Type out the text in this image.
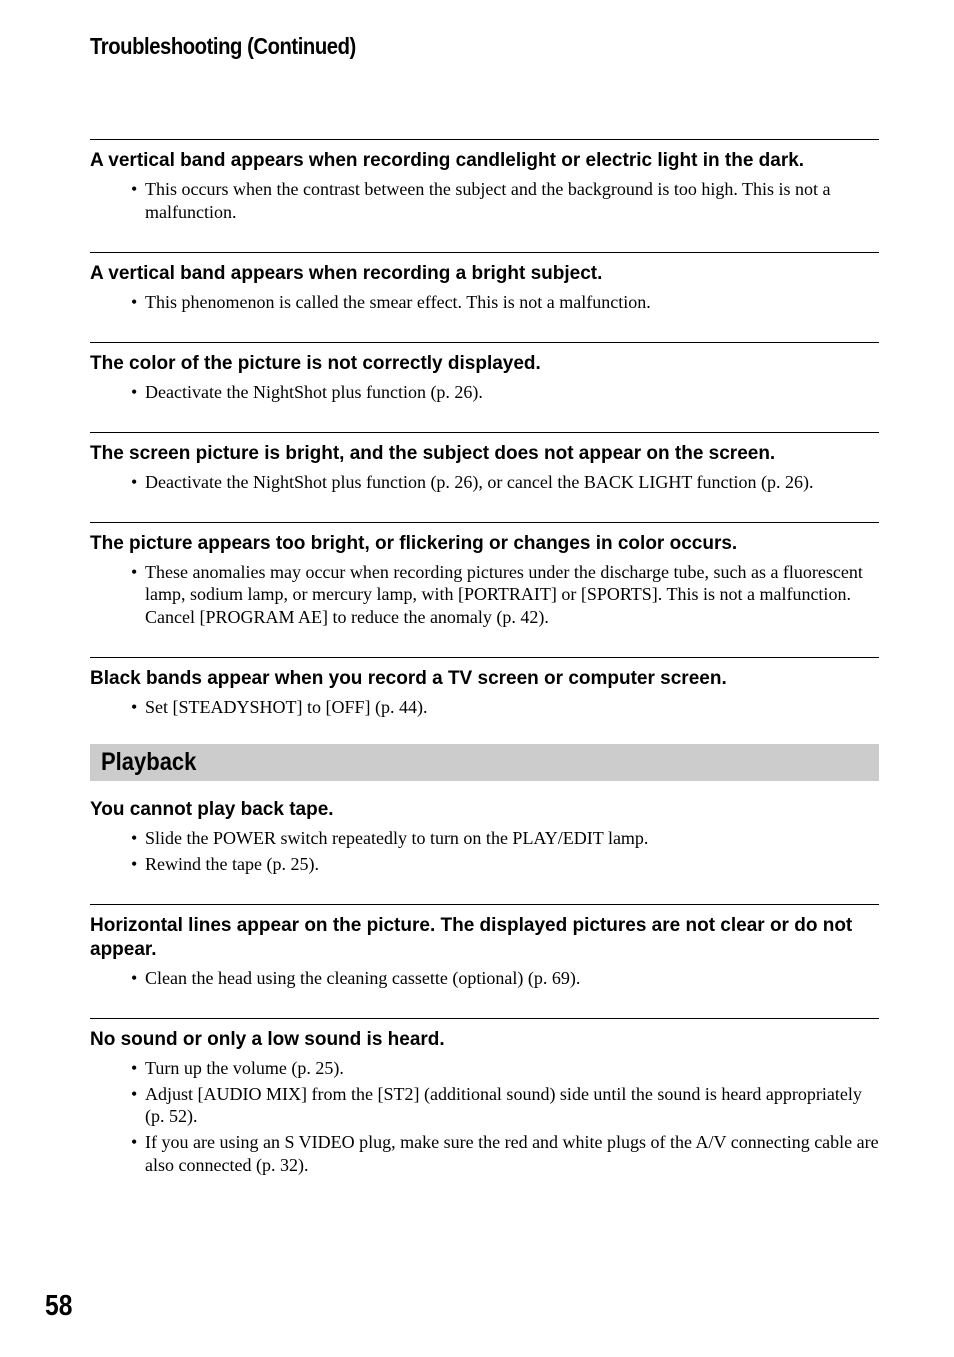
Troubleshooting (Continued)

A vertical band appears when recording candlelight or electric light in the dark.

• This occurs when the contrast between the subject and the background is too high. This is not a malfunction.

A vertical band appears when recording a bright subject.

• This phenomenon is called the smear effect. This is not a malfunction.

The color of the picture is not correctly displayed.

• Deactivate the NightShot plus function (p. 26).

The screen picture is bright, and the subject does not appear on the screen.

• Deactivate the NightShot plus function (p. 26), or cancel the BACK LIGHT function (p. 26).

The picture appears too bright, or flickering or changes in color occurs.

• These anomalies may occur when recording pictures under the discharge tube, such as a fluorescent lamp, sodium lamp, or mercury lamp, with [PORTRAIT] or [SPORTS]. This is not a malfunction. Cancel [PROGRAM AE] to reduce the anomaly (p. 42).

Black bands appear when you record a TV screen or computer screen.

• Set [STEADYSHOT] to [OFF] (p. 44).
Playback

You cannot play back tape.

• Slide the POWER switch repeatedly to turn on the PLAY/EDIT lamp.
• Rewind the tape (p. 25).

Horizontal lines appear on the picture. The displayed pictures are not clear or do not appear.

• Clean the head using the cleaning cassette (optional) (p. 69).

No sound or only a low sound is heard.

• Turn up the volume (p. 25).
• Adjust [AUDIO MIX] from the [ST2] (additional sound) side until the sound is heard appropriately (p. 52).
• If you are using an S VIDEO plug, make sure the red and white plugs of the A/V connecting cable are also connected (p. 32).
58
